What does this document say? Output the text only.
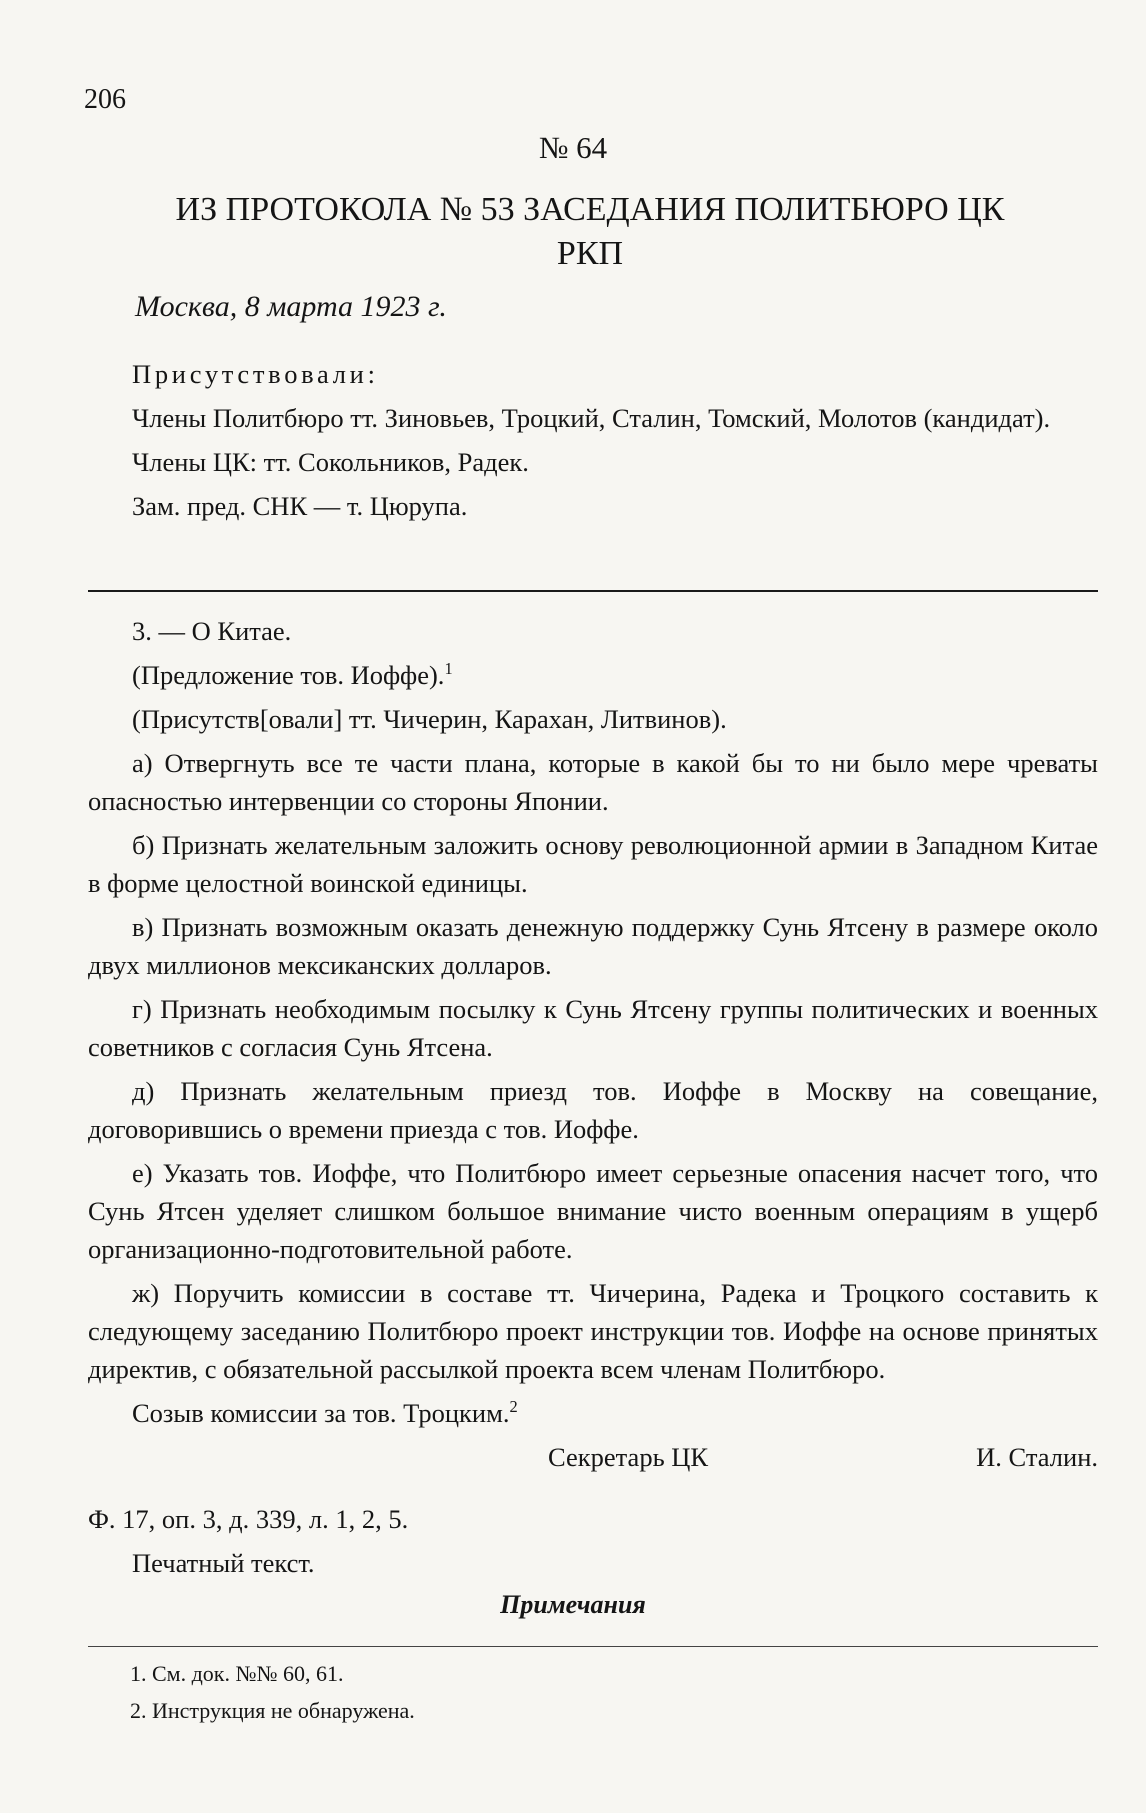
206
№ 64
ИЗ ПРОТОКОЛА № 53 ЗАСЕДАНИЯ ПОЛИТБЮРО ЦК
РКП
Москва, 8 марта 1923 г.

Присутствовали:

Члены Политбюро тт. Зиновьев, Троцкий, Сталин, Томский, Молотов (кандидат).

Члены ЦК: тт. Сокольников, Радек.

Зам. пред. СНК — т. Цюрупа.

3. — О Китае.

(Предложение тов. Иоффе).$^1$

(Присутств[овали] тт. Чичерин, Карахан, Литвинов).

а) Отвергнуть все те части плана, которые в какой бы то ни было мере чреваты опасностью интервенции со стороны Японии.

б) Признать желательным заложить основу революционной армии в Западном Китае в форме целостной воинской единицы.

в) Признать возможным оказать денежную поддержку Сунь Ятсену в размере около двух миллионов мексиканских долларов.

г) Признать необходимым посылку к Сунь Ятсену группы политических и военных советников с согласия Сунь Ятсена.

д) Признать желательным приезд тов. Иоффе в Москву на совещание, договорившись о времени приезда с тов. Иоффе.

е) Указать тов. Иоффе, что Политбюро имеет серьезные опасения насчет того, что Сунь Ятсен уделяет слишком большое внимание чисто военным операциям в ущерб организационно-подготовительной работе.

ж) Поручить комиссии в составе тт. Чичерина, Радека и Троцкого составить к следующему заседанию Политбюро проект инструкции тов. Иоффе на основе принятых директив, с обязательной рассылкой проекта всем членам Политбюро.

Созыв комиссии за тов. Троцким.$^2$

Секретарь ЦК	И. Сталин.

Ф. 17, оп. 3, д. 339, л. 1, 2, 5.

Печатный текст.

Примечания
1. См. док. №№ 60, 61.
2. Инструкция не обнаружена.
